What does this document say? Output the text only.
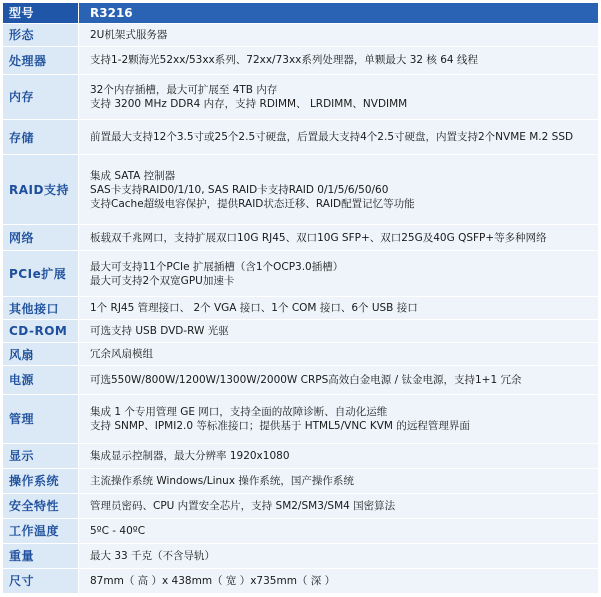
型号	R3216
形态	2U机架式服务器

处理器	支持1-2颗海光52xx/53xx系列、72xx/73xx系列处理器，单颗最大 32 核 64 线程

内存	32个内存插槽，最大可扩展至 4TB 内存
支持 3200 MHz DDR4 内存，支持 RDIMM、 LRDIMM、NVDIMM

存储	前置最大支持12个3.5寸或25个2.5寸硬盘，后置最大支持4个2.5寸硬盘，内置支持2个NVME M.2 SSD

RAID支持	集成 SATA 控制器
SAS卡支持RAID0/1/10, SAS RAID卡支持RAID 0/1/5/6/50/60
支持Cache超级电容保护，提供RAID状态迁移、RAID配置记忆等功能

网络	板载双千兆网口，支持扩展双口10G RJ45、双口10G SFP+、双口25G及40G QSFP+等多种网络

PCIe扩展	最大可支持11个PCIe 扩展插槽（含1个OCP3.0插槽）
最大可支持2个双宽GPU加速卡

其他接口	1个 RJ45 管理接口、 2个 VGA 接口、1个 COM 接口、6个 USB 接口

CD-ROM	可选支持 USB DVD-RW 光驱

风扇	冗余风扇模组

电源	可选550W/800W/1200W/1300W/2000W CRPS高效白金电源 / 钛金电源，支持1+1 冗余

管理	集成 1 个专用管理 GE 网口，支持全面的故障诊断、自动化运维
支持 SNMP、IPMI2.0 等标准接口；提供基于 HTML5/VNC KVM 的远程管理界面

显示	集成显示控制器，最大分辨率 1920x1080

操作系统	主流操作系统 Windows/Linux 操作系统，国产操作系统

安全特性	管理员密码、CPU 内置安全芯片，支持 SM2/SM3/SM4 国密算法

工作温度	5ºC - 40ºC

重量	最大 33 千克（不含导轨）

尺寸	87mm（ 高 ）x 438mm（ 宽 ）x735mm（ 深 ）
